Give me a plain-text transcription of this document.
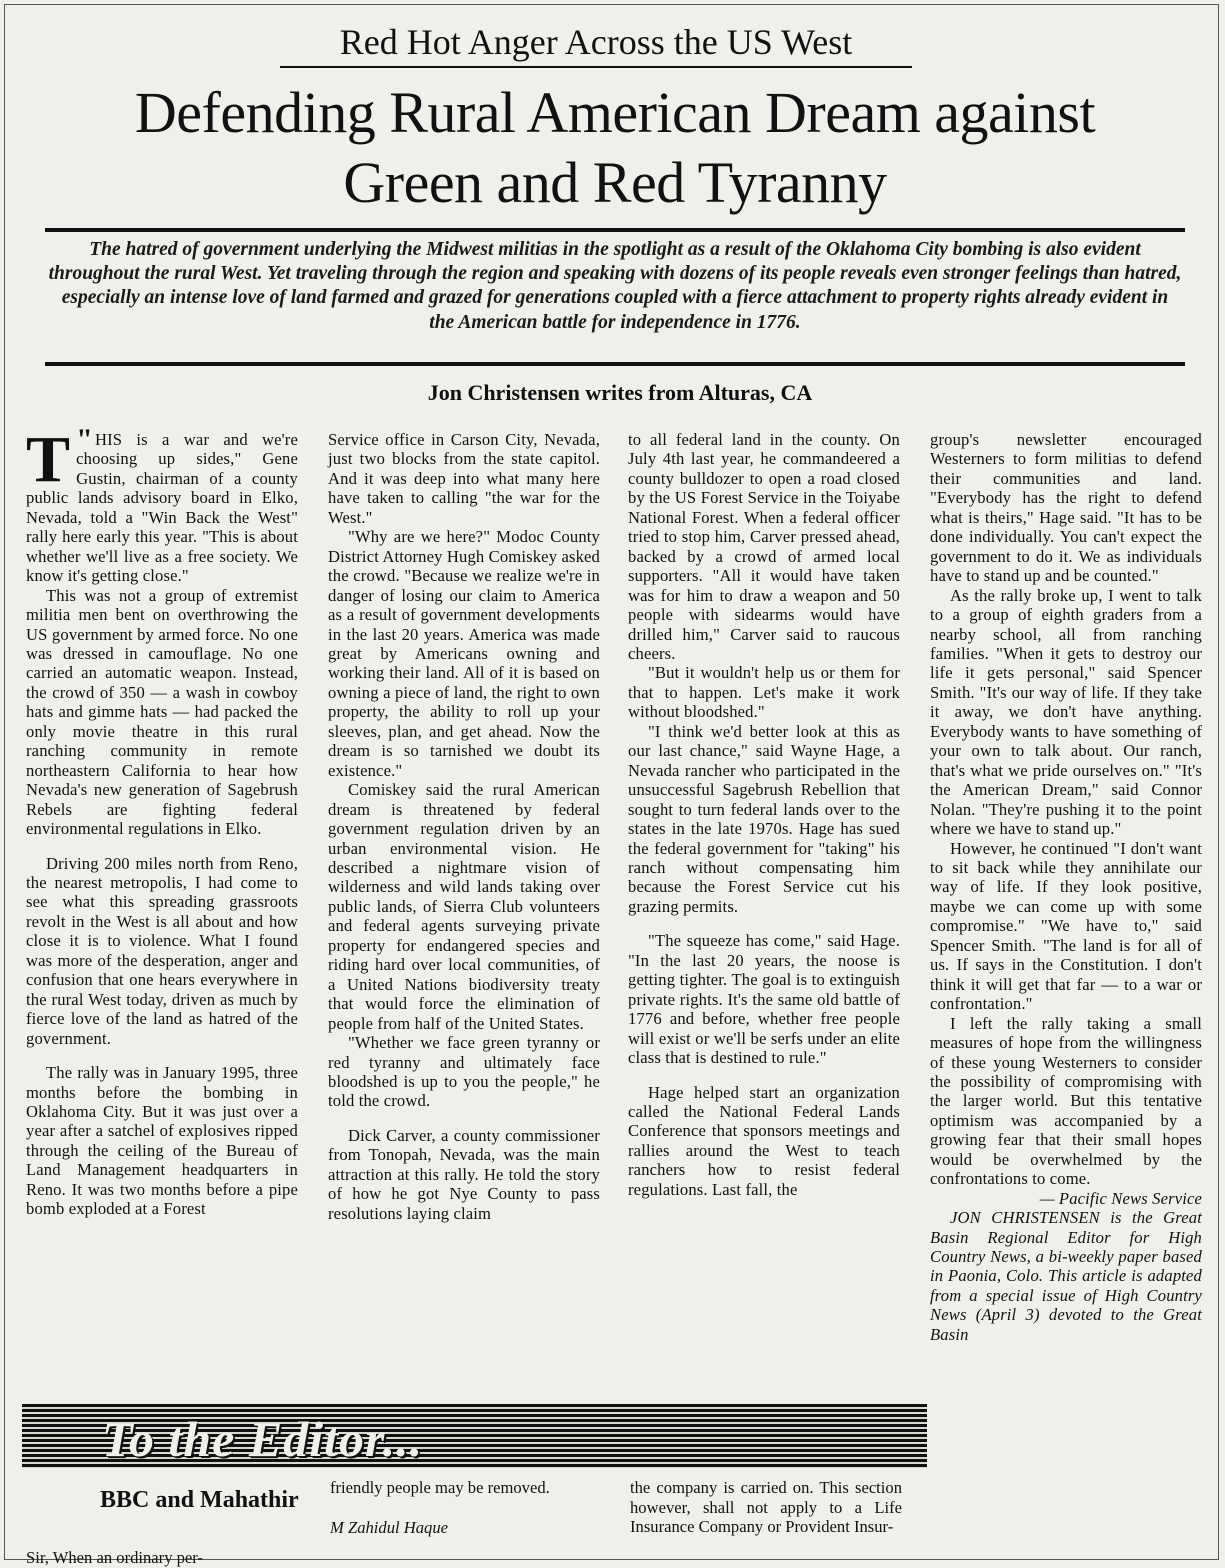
Red Hot Anger Across the US West
Defending Rural American Dream against
Green and Red Tyranny
The hatred of government underlying the Midwest militias in the spotlight as a result of the Oklahoma City bombing is also evident throughout the rural West. Yet traveling through the region and speaking with dozens of its people reveals even stronger feelings than hatred, especially an intense love of land farmed and grazed for generations coupled with a fierce attachment to property rights already evident in the American battle for independence in 1776.
Jon Christensen writes from Alturas, CA

"
T HIS is a war and we're choosing up sides," Gene Gustin, chairman of a county public lands advisory board in Elko, Nevada, told a "Win Back the West" rally here early this year. "This is about whether we'll live as a free society. We know it's getting close."

This was not a group of extremist militia men bent on overthrowing the US government by armed force. No one was dressed in camouflage. No one carried an automatic weapon. Instead, the crowd of 350 — a wash in cowboy hats and gimme hats — had packed the only movie theatre in this rural ranching community in remote northeastern California to hear how Nevada's new generation of Sagebrush Rebels are fighting federal environmental regulations in Elko.

Driving 200 miles north from Reno, the nearest metropolis, I had come to see what this spreading grassroots revolt in the West is all about and how close it is to violence. What I found was more of the desperation, anger and confusion that one hears everywhere in the rural West today, driven as much by fierce love of the land as hatred of the government.

The rally was in January 1995, three months before the bombing in Oklahoma City. But it was just over a year after a satchel of explosives ripped through the ceiling of the Bureau of Land Management headquarters in Reno. It was two months before a pipe bomb exploded at a Forest

Service office in Carson City, Nevada, just two blocks from the state capitol. And it was deep into what many here have taken to calling "the war for the West."

"Why are we here?" Modoc County District Attorney Hugh Comiskey asked the crowd. "Because we realize we're in danger of losing our claim to America as a result of government developments in the last 20 years. America was made great by Americans owning and working their land. All of it is based on owning a piece of land, the right to own property, the ability to roll up your sleeves, plan, and get ahead. Now the dream is so tarnished we doubt its existence."

Comiskey said the rural American dream is threatened by federal government regulation driven by an urban environmental vision. He described a nightmare vision of wilderness and wild lands taking over public lands, of Sierra Club volunteers and federal agents surveying private property for endangered species and riding hard over local communities, of a United Nations biodiversity treaty that would force the elimination of people from half of the United States.

"Whether we face green tyranny or red tyranny and ultimately face bloodshed is up to you the people," he told the crowd.

Dick Carver, a county commissioner from Tonopah, Nevada, was the main attraction at this rally. He told the story of how he got Nye County to pass resolutions laying claim

to all federal land in the county. On July 4th last year, he commandeered a county bulldozer to open a road closed by the US Forest Service in the Toiyabe National Forest. When a federal officer tried to stop him, Carver pressed ahead, backed by a crowd of armed local supporters. "All it would have taken was for him to draw a weapon and 50 people with sidearms would have drilled him," Carver said to raucous cheers.

"But it wouldn't help us or them for that to happen. Let's make it work without bloodshed."

"I think we'd better look at this as our last chance," said Wayne Hage, a Nevada rancher who participated in the unsuccessful Sagebrush Rebellion that sought to turn federal lands over to the states in the late 1970s. Hage has sued the federal government for "taking" his ranch without compensating him because the Forest Service cut his grazing permits.

"The squeeze has come," said Hage. "In the last 20 years, the noose is getting tighter. The goal is to extinguish private rights. It's the same old battle of 1776 and before, whether free people will exist or we'll be serfs under an elite class that is destined to rule."

Hage helped start an organization called the National Federal Lands Conference that sponsors meetings and rallies around the West to teach ranchers how to resist federal regulations. Last fall, the

group's newsletter encouraged Westerners to form militias to defend their communities and land. "Everybody has the right to defend what is theirs," Hage said. "It has to be done individually. You can't expect the government to do it. We as individuals have to stand up and be counted."

As the rally broke up, I went to talk to a group of eighth graders from a nearby school, all from ranching families. "When it gets to destroy our life it gets personal," said Spencer Smith. "It's our way of life. If they take it away, we don't have anything. Everybody wants to have something of your own to talk about. Our ranch, that's what we pride ourselves on." "It's the American Dream," said Connor Nolan. "They're pushing it to the point where we have to stand up."

However, he continued "I don't want to sit back while they annihilate our way of life. If they look positive, maybe we can come up with some compromise." "We have to," said Spencer Smith. "The land is for all of us. If says in the Constitution. I don't think it will get that far — to a war or confrontation."

I left the rally taking a small measures of hope from the willingness of these young Westerners to consider the possibility of compromising with the larger world. But this tentative optimism was accompanied by a growing fear that their small hopes would be overwhelmed by the confrontations to come.

— Pacific News Service

JON CHRISTENSEN is the Great Basin Regional Editor for High Country News, a bi-weekly paper based in Paonia, Colo. This article is adapted from a special issue of High Country News (April 3) devoted to the Great Basin

To the Editor...
BBC and Mahathir
Sir, When an ordinary per-
friendly people may be removed.
M Zahidul Haque
the company is carried on. This section however, shall not apply to a Life Insurance Company or Provident Insur-
